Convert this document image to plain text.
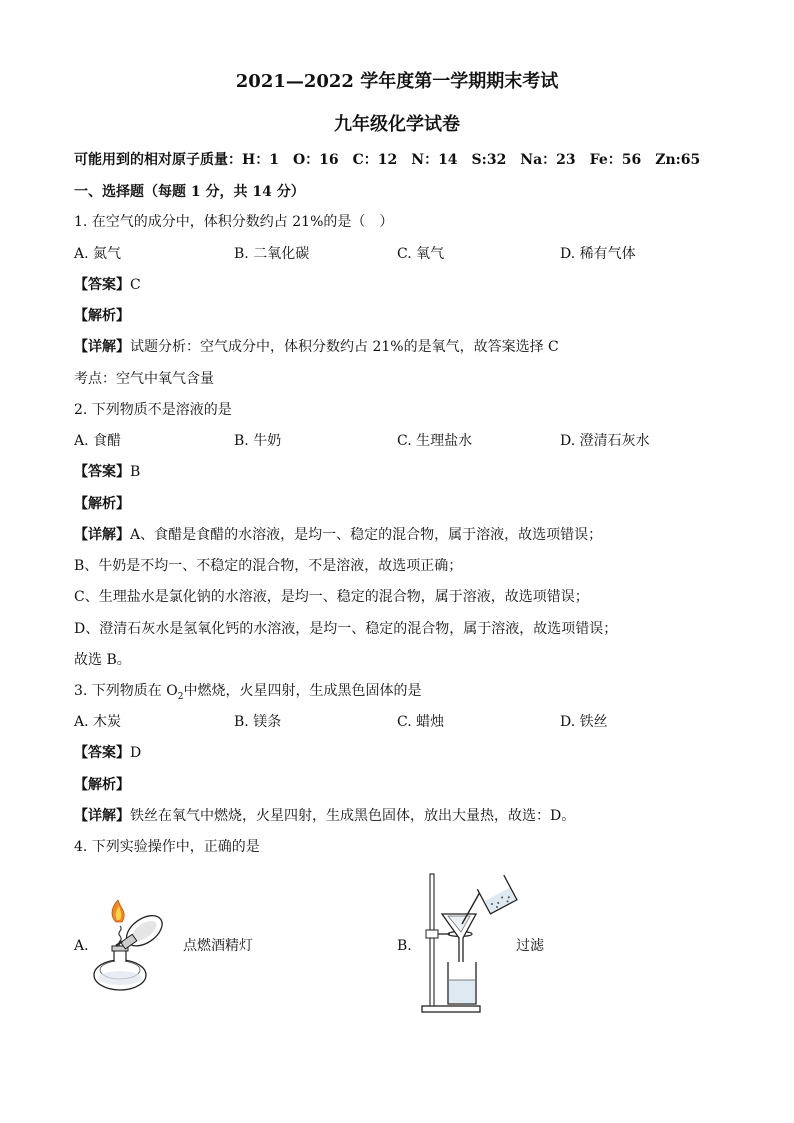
2021—2022 学年度第一学期期末考试
九年级化学试卷
可能用到的相对原子质量：H：1　O：16　C：12　N：14　S:32　Na：23　Fe：56　Zn:65
一、选择题（每题 1 分，共 14 分）
1. 在空气的成分中，体积分数约占 21%的是（　）
A. 氮气	B. 二氧化碳	C. 氧气	D. 稀有气体
【答案】C
【解析】
【详解】试题分析：空气成分中，体积分数约占 21%的是氧气，故答案选择 C
考点：空气中氧气含量
2. 下列物质不是溶液的是
A. 食醋	B. 牛奶	C. 生理盐水	D. 澄清石灰水
【答案】B
【解析】
【详解】A、食醋是食醋的水溶液，是均一、稳定的混合物，属于溶液，故选项错误；
B、牛奶是不均一、不稳定的混合物，不是溶液，故选项正确；
C、生理盐水是氯化钠的水溶液，是均一、稳定的混合物，属于溶液，故选项错误；
D、澄清石灰水是氢氧化钙的水溶液，是均一、稳定的混合物，属于溶液，故选项错误；
故选 B。
3. 下列物质在 $O_2$中燃烧，火星四射，生成黑色固体的是
A. 木炭	B. 镁条	C. 蜡烛	D. 铁丝
【答案】D
【解析】
【详解】铁丝在氧气中燃烧，火星四射，生成黑色固体，放出大量热，故选：D。
4. 下列实验操作中，正确的是
A.	点燃酒精灯	B.	过滤
